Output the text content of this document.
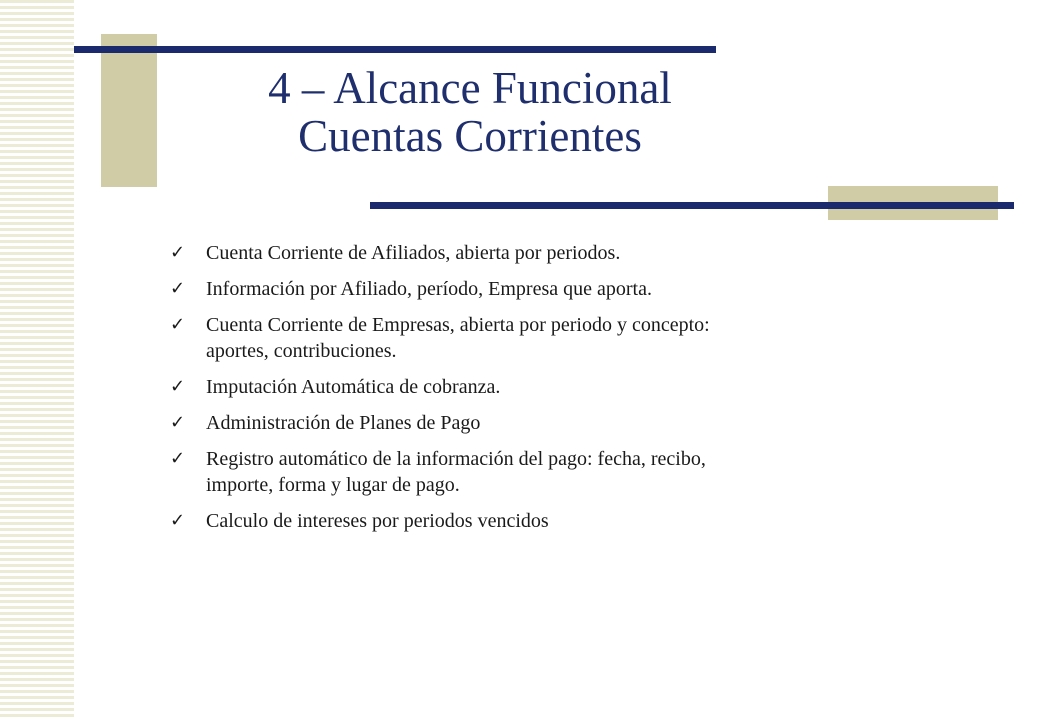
4 – Alcance Funcional
Cuentas Corrientes
✓	Cuenta Corriente de Afiliados, abierta por periodos.
✓	Información por Afiliado, período, Empresa que aporta.
✓	Cuenta Corriente de Empresas, abierta por periodo y concepto:
aportes, contribuciones.
✓	Imputación Automática de cobranza.
✓	Administración de Planes de Pago
✓	Registro automático de la información del pago: fecha, recibo,
importe, forma y lugar de pago.
✓	Calculo de intereses por periodos vencidos
